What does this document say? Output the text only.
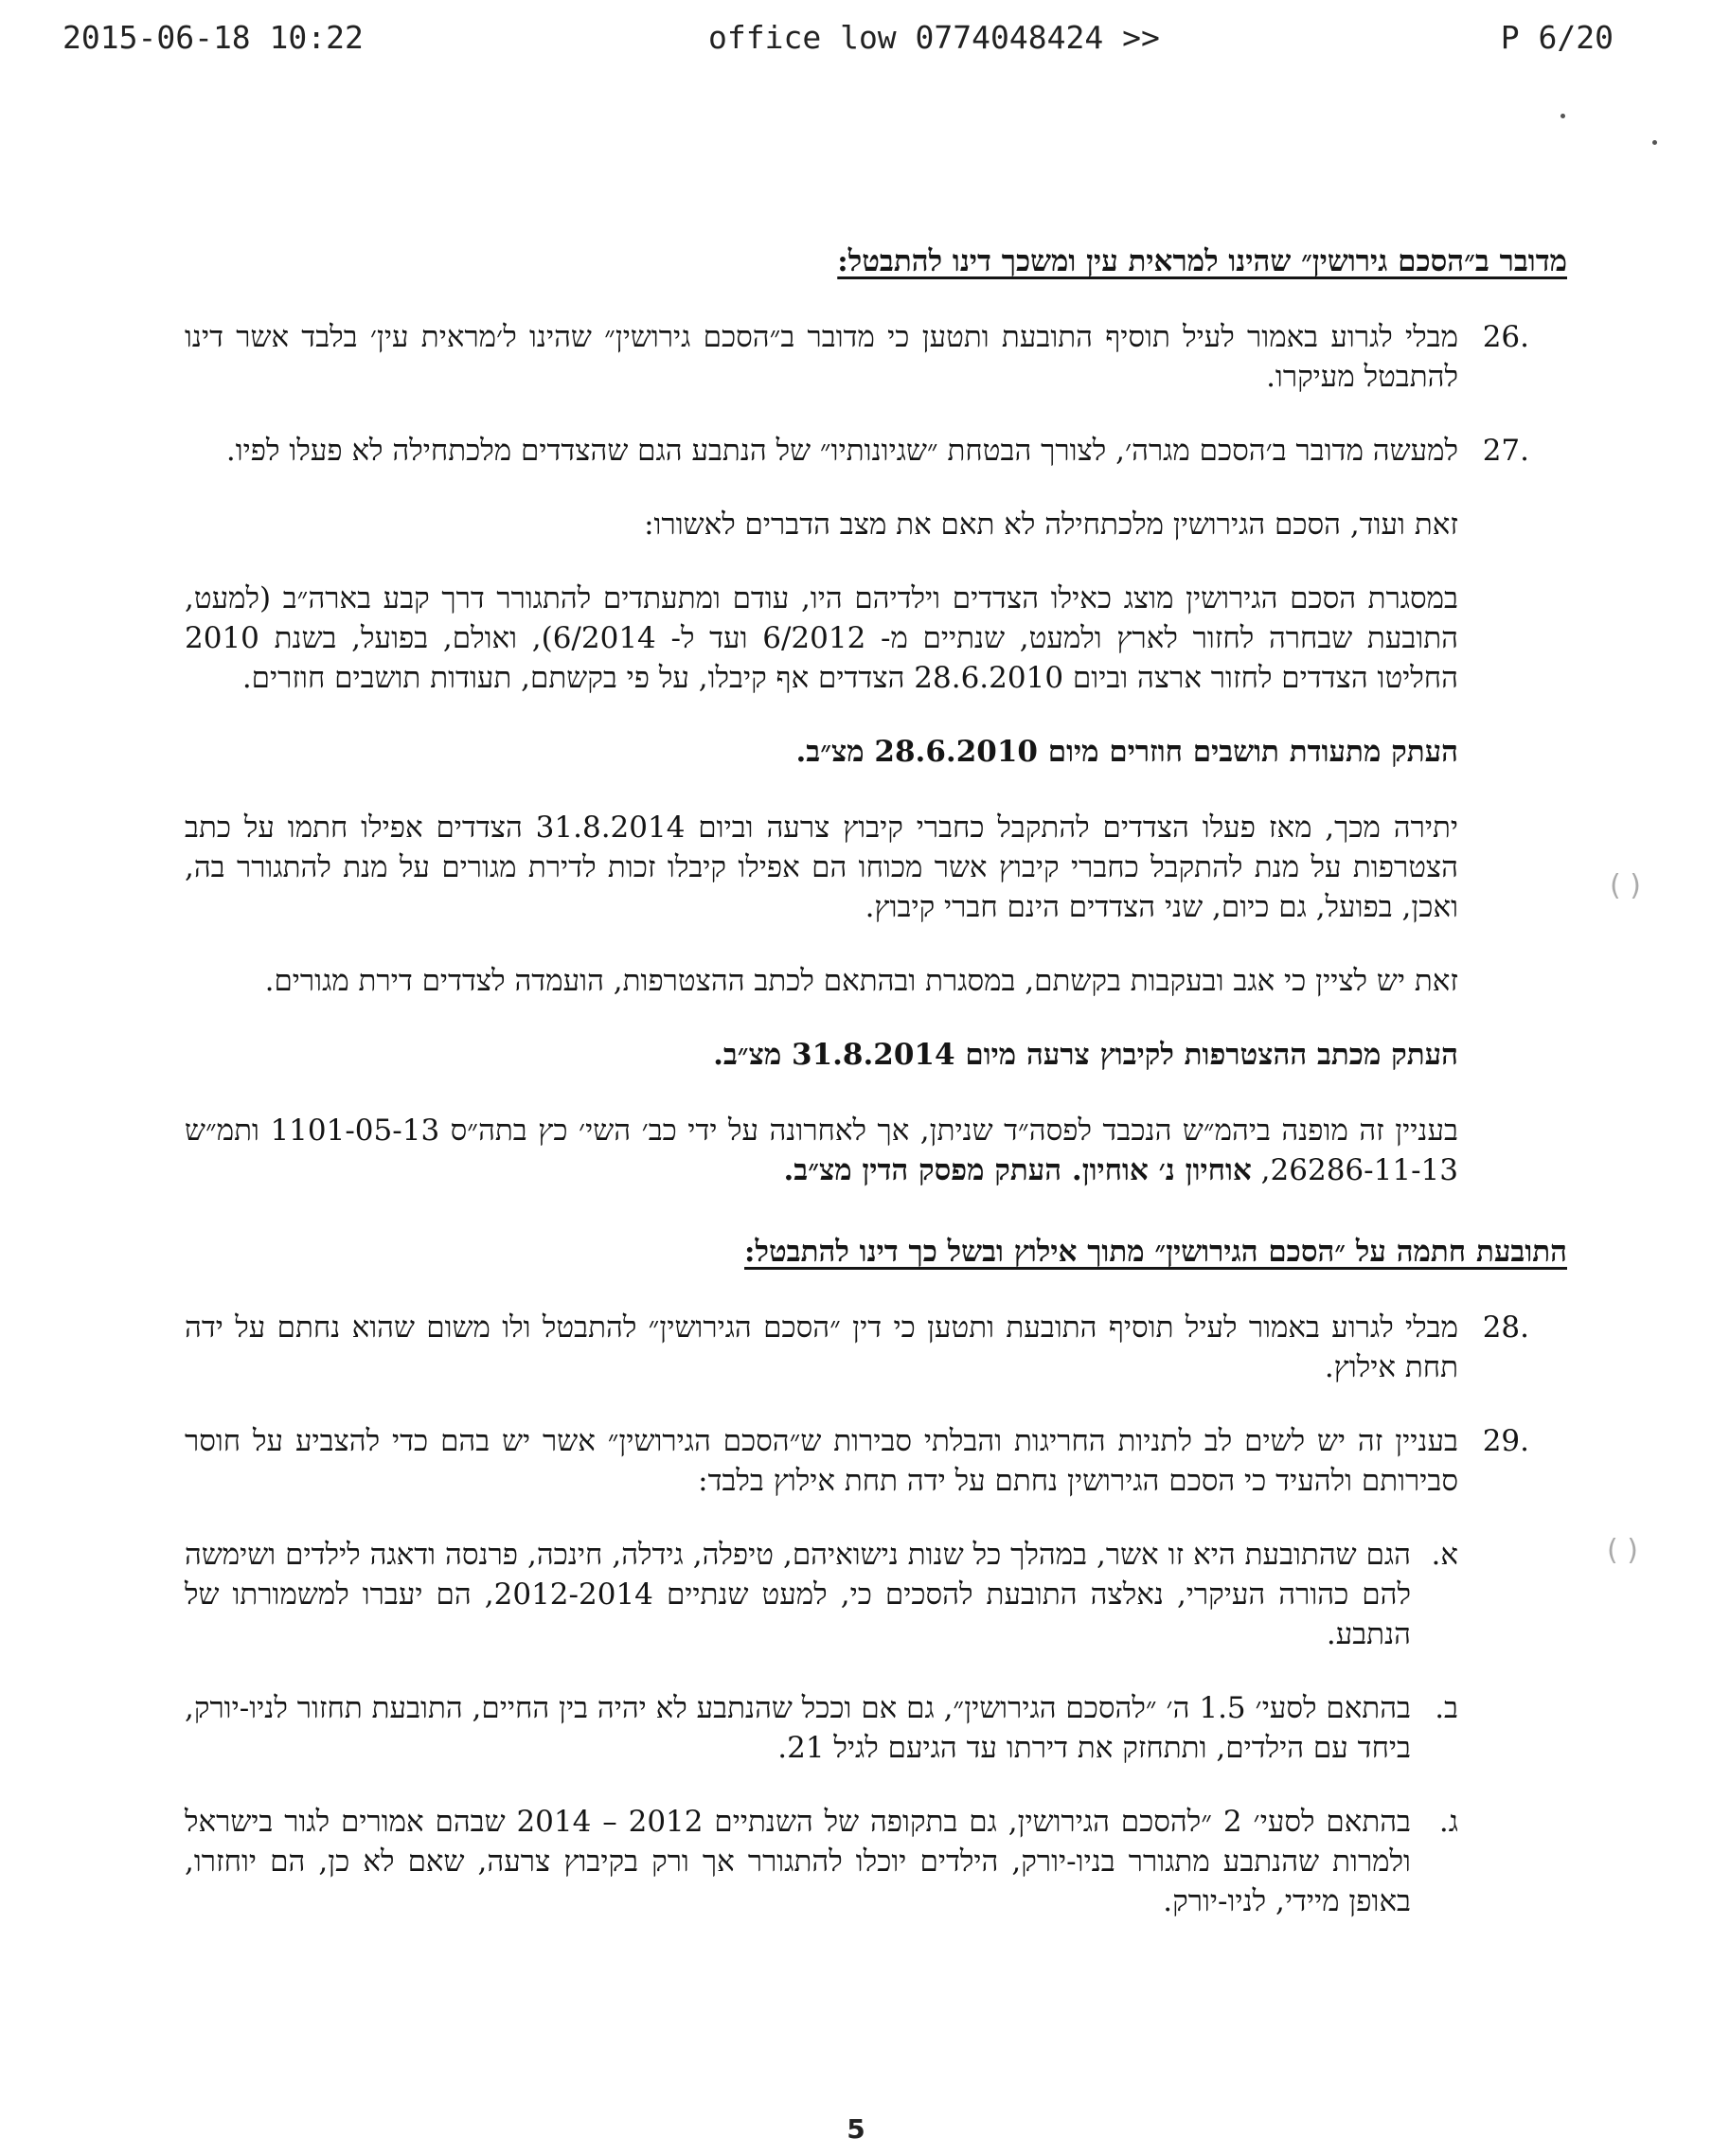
2015-06-18 10:22	office low 0774048424 >>	P 6/20
( )
( )
מדובר ב״הסכם גירושין״ שהינו למראית עין ומשכך דינו להתבטל:
.26
מבלי לגרוע באמור לעיל תוסיף התובעת ותטען כי מדובר ב״הסכם גירושין״ שהינו ל׳מראית עין׳ בלבד אשר דינו להתבטל מעיקרו.
.27
למעשה מדובר ב׳הסכם מגרה׳, לצורך הבטחת ״שגיונותיו״ של הנתבע הגם שהצדדים מלכתחילה לא פעלו לפיו.
זאת ועוד, הסכם הגירושין מלכתחילה לא תאם את מצב הדברים לאשורו:
במסגרת הסכם הגירושין מוצג כאילו הצדדים וילדיהם היו, עודם ומתעתדים להתגורר דרך קבע בארה״ב (למעט, התובעת שבחרה לחזור לארץ ולמעט, שנתיים מ- 6/2012 ועד ל- 6/2014), ואולם, בפועל, בשנת 2010 החליטו הצדדים לחזור ארצה וביום 28.6.2010 הצדדים אף קיבלו, על פי בקשתם, תעודות תושבים חוזרים.
העתק מתעודת תושבים חוזרים מיום 28.6.2010 מצ״ב.
יתירה מכך, מאז פעלו הצדדים להתקבל כחברי קיבוץ צרעה וביום 31.8.2014 הצדדים אפילו חתמו על כתב הצטרפות על מנת להתקבל כחברי קיבוץ אשר מכוחו הם אפילו קיבלו זכות לדירת מגורים על מנת להתגורר בה, ואכן, בפועל, גם כיום, שני הצדדים הינם חברי קיבוץ.
זאת יש לציין כי אגב ובעקבות בקשתם, במסגרת ובהתאם לכתב ההצטרפות, הועמדה לצדדים דירת מגורים.
העתק מכתב ההצטרפות לקיבוץ צרעה מיום 31.8.2014 מצ״ב.
בעניין זה מופנה ביהמ״ש הנכבד לפסה״ד שניתן, אך לאחרונה על ידי כב׳ השי׳ כץ בתה״ס 1101-05-13 ותמ״ש 26286-11-13, אוחיון נ׳ אוחיון. העתק מפסק הדין מצ״ב.
התובעת חתמה על ״הסכם הגירושין״ מתוך אילוץ ובשל כך דינו להתבטל:
.28
מבלי לגרוע באמור לעיל תוסיף התובעת ותטען כי דין ״הסכם הגירושין״ להתבטל ולו משום שהוא נחתם על ידה תחת אילוץ.
.29
בעניין זה יש לשים לב לתניות החריגות והבלתי סבירות ש״הסכם הגירושין״ אשר יש בהם כדי להצביע על חוסר סבירותם ולהעיד כי הסכם הגירושין נחתם על ידה תחת אילוץ בלבד:
א.
הגם שהתובעת היא זו אשר, במהלך כל שנות נישואיהם, טיפלה, גידלה, חינכה, פרנסה ודאגה לילדים ושימשה להם כהורה העיקרי, נאלצה התובעת להסכים כי, למעט שנתיים 2012-2014, הם יעברו למשמורתו של הנתבע.
ב.
בהתאם לסעי׳ 1.5 ה׳ ״להסכם הגירושין״, גם אם וככל שהנתבע לא יהיה בין החיים, התובעת תחזור לניו-יורק, ביחד עם הילדים, ותתחזק את דירתו עד הגיעם לגיל 21.
ג.
בהתאם לסעי׳ 2 ״להסכם הגירושין, גם בתקופה של השנתיים 2012 – 2014 שבהם אמורים לגור בישראל ולמרות שהנתבע מתגורר בניו-יורק, הילדים יוכלו להתגורר אך ורק בקיבוץ צרעה, שאם לא כן, הם יוחזרו, באופן מיידי, לניו-יורק.
5
